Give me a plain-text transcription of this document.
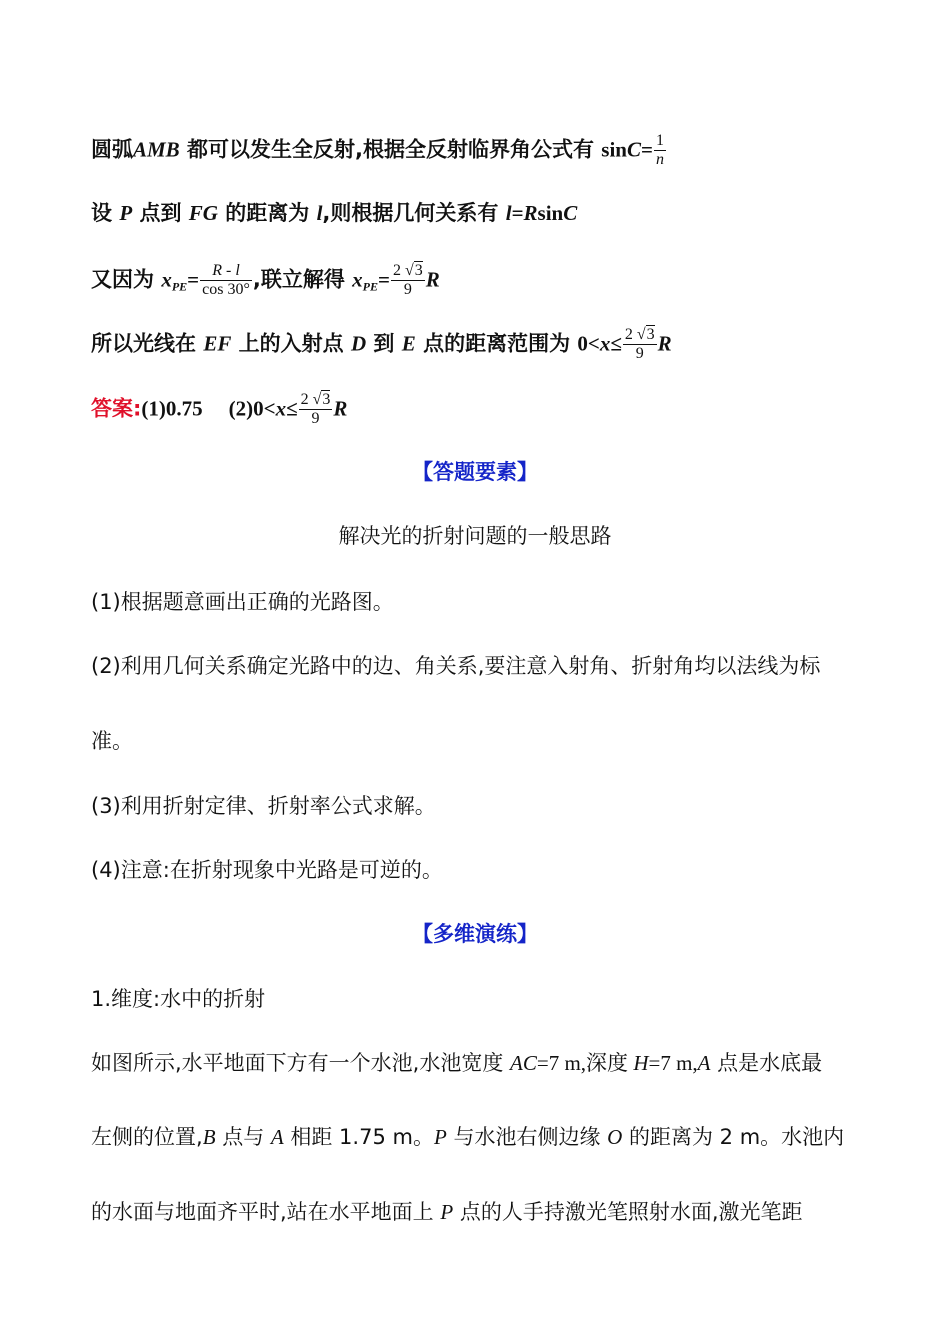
圆弧AMB 都可以发生全反射,根据全反射临界角公式有 $\sin C= \frac{1}{n}$
设 P 点到 FG 的距离为 l,则根据几何关系有 l=RsinC
又因为 $x_{PE}= \frac{R - l}{\cos 30^\circ}$ ,联立解得 $x_{PE}= \frac{2 √3}{9}$ R
所以光线在 EF 上的入射点 D 到 E 点的距离范围为 $0<x\le \frac{2 √3}{9}$ R
答案:(1)0.75 $(2)0<x\le \frac{2 √3}{9}$ R
【答题要素】
解决光的折射问题的一般思路
(1)根据题意画出正确的光路图。
(2)利用几何关系确定光路中的边、角关系,要注意入射角、折射角均以法线为标
准。
(3)利用折射定律、折射率公式求解。
(4)注意:在折射现象中光路是可逆的。
【多维演练】
1.维度:水中的折射
如图所示,水平地面下方有一个水池,水池宽度 AC=7 m,深度 H=7 m,A 点是水底最
左侧的位置,B 点与 A 相距 1.75 m。P 与水池右侧边缘 O 的距离为 2 m。水池内
的水面与地面齐平时,站在水平地面上 P 点的人手持激光笔照射水面,激光笔距
